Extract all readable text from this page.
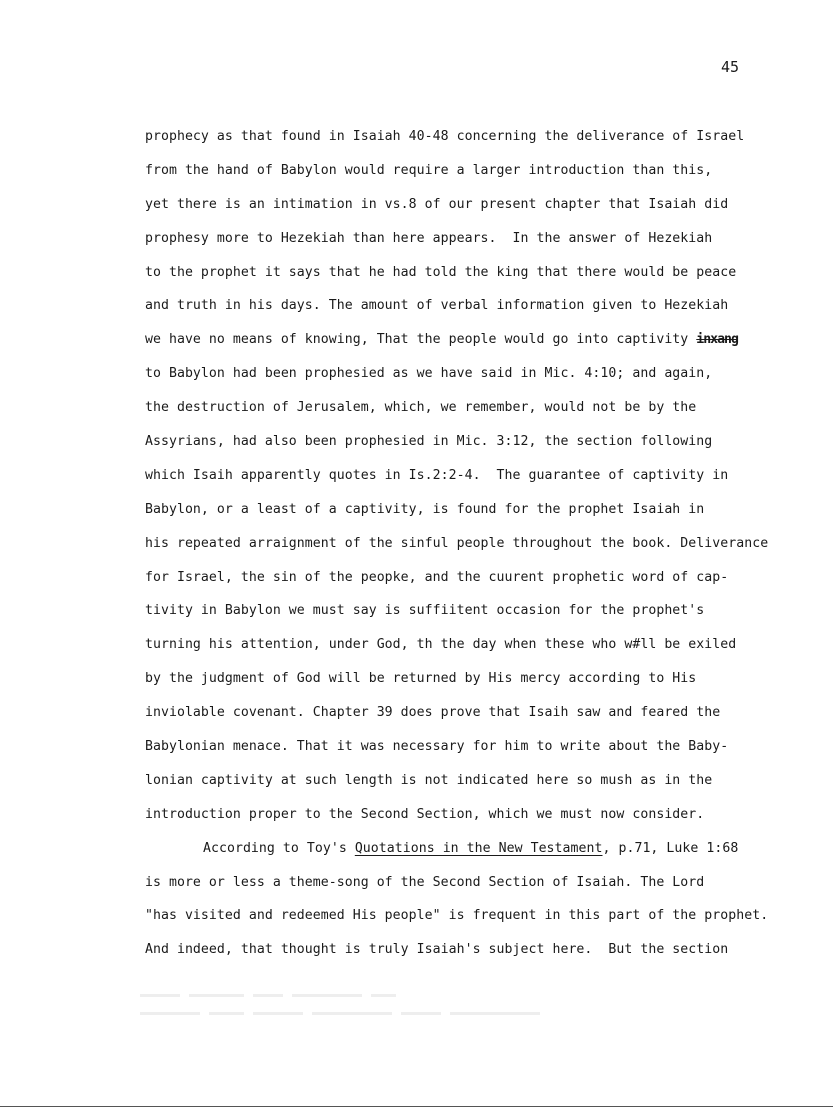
45
prophecy as that found in Isaiah 40-48 concerning the deliverance of Israel
from the hand of Babylon would require a larger introduction than this,
yet there is an intimation in vs.8 of our present chapter that Isaiah did
prophesy more to Hezekiah than here appears.  In the answer of Hezekiah
to the prophet it says that he had told the king that there would be peace
and truth in his days. The amount of verbal information given to Hezekiah
we have no means of knowing, That the people would go into captivity inxang
to Babylon had been prophesied as we have said in Mic. 4:10; and again,
the destruction of Jerusalem, which, we remember, would not be by the
Assyrians, had also been prophesied in Mic. 3:12, the section following
which Isaih apparently quotes in Is.2:2-4.  The guarantee of captivity in
Babylon, or a least of a captivity, is found for the prophet Isaiah in
his repeated arraignment of the sinful people throughout the book. Deliverance
for Israel, the sin of the peopke, and the cuurent prophetic word of cap-
tivity in Babylon we must say is suffiitent occasion for the prophet's
turning his attention, under God, th the day when these who w#ll be exiled
by the judgment of God will be returned by His mercy according to His
inviolable covenant. Chapter 39 does prove that Isaih saw and feared the
Babylonian menace. That it was necessary for him to write about the Baby-
lonian captivity at such length is not indicated here so mush as in the
introduction proper to the Second Section, which we must now consider.
According to Toy's Quotations in the New Testament, p.71, Luke 1:68
is more or less a theme-song of the Second Section of Isaiah. The Lord
"has visited and redeemed His people" is frequent in this part of the prophet.
And indeed, that thought is truly Isaiah's subject here.  But the section
